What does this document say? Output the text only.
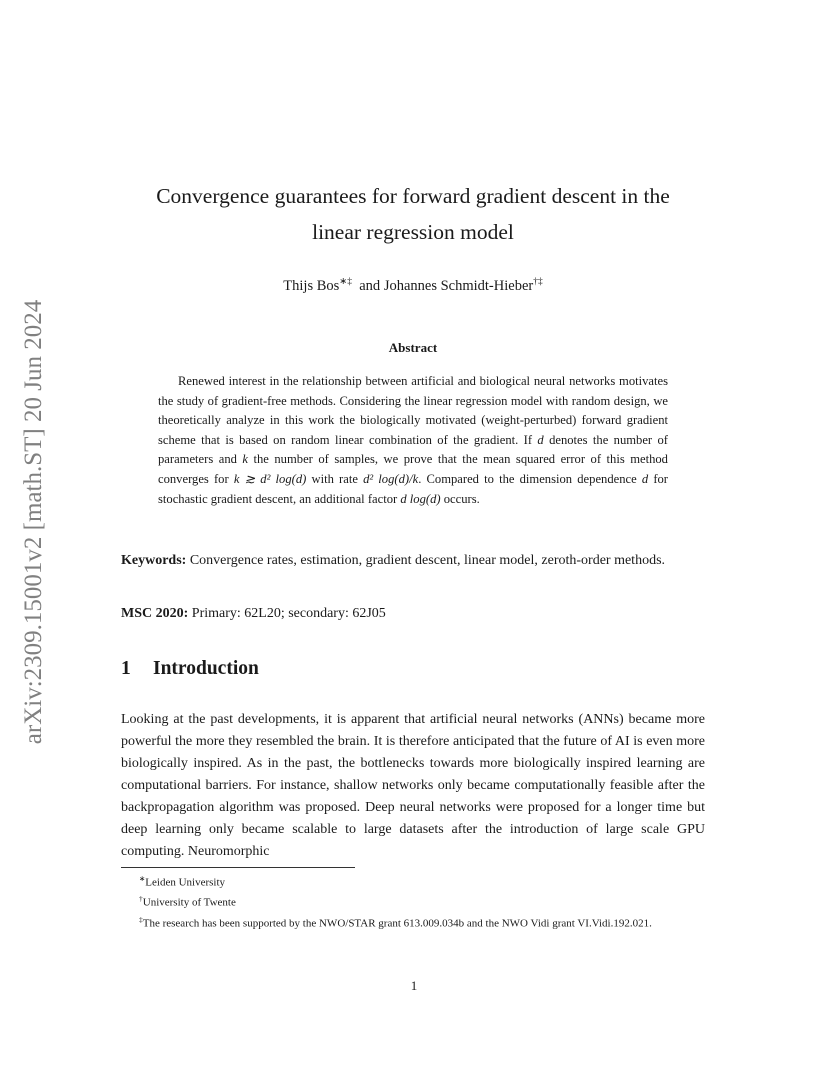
arXiv:2309.15001v2 [math.ST] 20 Jun 2024
Convergence guarantees for forward gradient descent in the
linear regression model
Thijs Bos∗‡ and Johannes Schmidt-Hieber†‡
Abstract

Renewed interest in the relationship between artificial and biological neural networks motivates the study of gradient-free methods. Considering the linear regression model with random design, we theoretically analyze in this work the biologically motivated (weight-perturbed) forward gradient scheme that is based on random linear combination of the gradient. If d denotes the number of parameters and k the number of samples, we prove that the mean squared error of this method converges for k ≳ d² log(d) with rate d² log(d)/k. Compared to the dimension dependence d for stochastic gradient descent, an additional factor d log(d) occurs.

Keywords: Convergence rates, estimation, gradient descent, linear model, zeroth-order methods.

MSC 2020: Primary: 62L20; secondary: 62J05

1 Introduction

Looking at the past developments, it is apparent that artificial neural networks (ANNs) became more powerful the more they resembled the brain. It is therefore anticipated that the future of AI is even more biologically inspired. As in the past, the bottlenecks towards more biologically inspired learning are computational barriers. For instance, shallow networks only became computationally feasible after the backpropagation algorithm was proposed. Deep neural networks were proposed for a longer time but deep learning only became scalable to large datasets after the introduction of large scale GPU computing. Neuromorphic

∗Leiden University

†University of Twente

‡The research has been supported by the NWO/STAR grant 613.009.034b and the NWO Vidi grant VI.Vidi.192.021.

1
